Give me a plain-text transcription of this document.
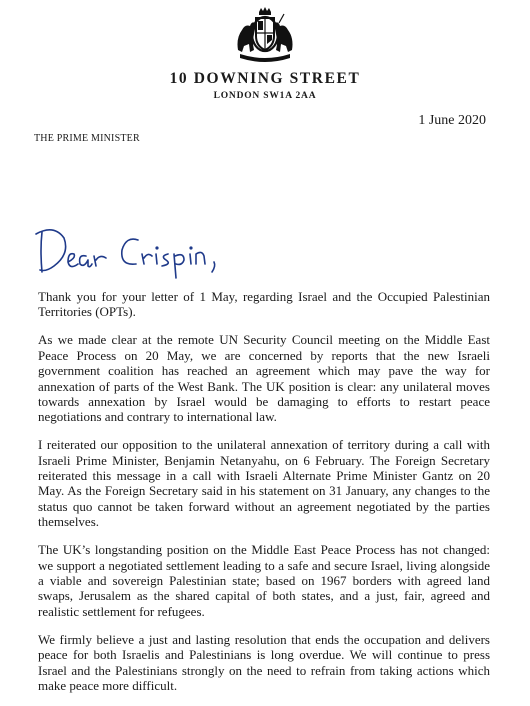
10 DOWNING STREET
LONDON SW1A 2AA
1 June 2020
THE PRIME MINISTER

Thank you for your letter of 1 May, regarding Israel and the Occupied Palestinian Territories (OPTs).

As we made clear at the remote UN Security Council meeting on the Middle East Peace Process on 20 May, we are concerned by reports that the new Israeli government coalition has reached an agreement which may pave the way for annexation of parts of the West Bank. The UK position is clear: any unilateral moves towards annexation by Israel would be damaging to efforts to restart peace negotiations and contrary to international law.

I reiterated our opposition to the unilateral annexation of territory during a call with Israeli Prime Minister, Benjamin Netanyahu, on 6 February. The Foreign Secretary reiterated this message in a call with Israeli Alternate Prime Minister Gantz on 20 May. As the Foreign Secretary said in his statement on 31 January, any changes to the status quo cannot be taken forward without an agreement negotiated by the parties themselves.

The UK’s longstanding position on the Middle East Peace Process has not changed: we support a negotiated settlement leading to a safe and secure Israel, living alongside a viable and sovereign Palestinian state; based on 1967 borders with agreed land swaps, Jerusalem as the shared capital of both states, and a just, fair, agreed and realistic settlement for refugees.

We firmly believe a just and lasting resolution that ends the occupation and delivers peace for both Israelis and Palestinians is long overdue. We will continue to press Israel and the Palestinians strongly on the need to refrain from taking actions which make peace more difficult.
